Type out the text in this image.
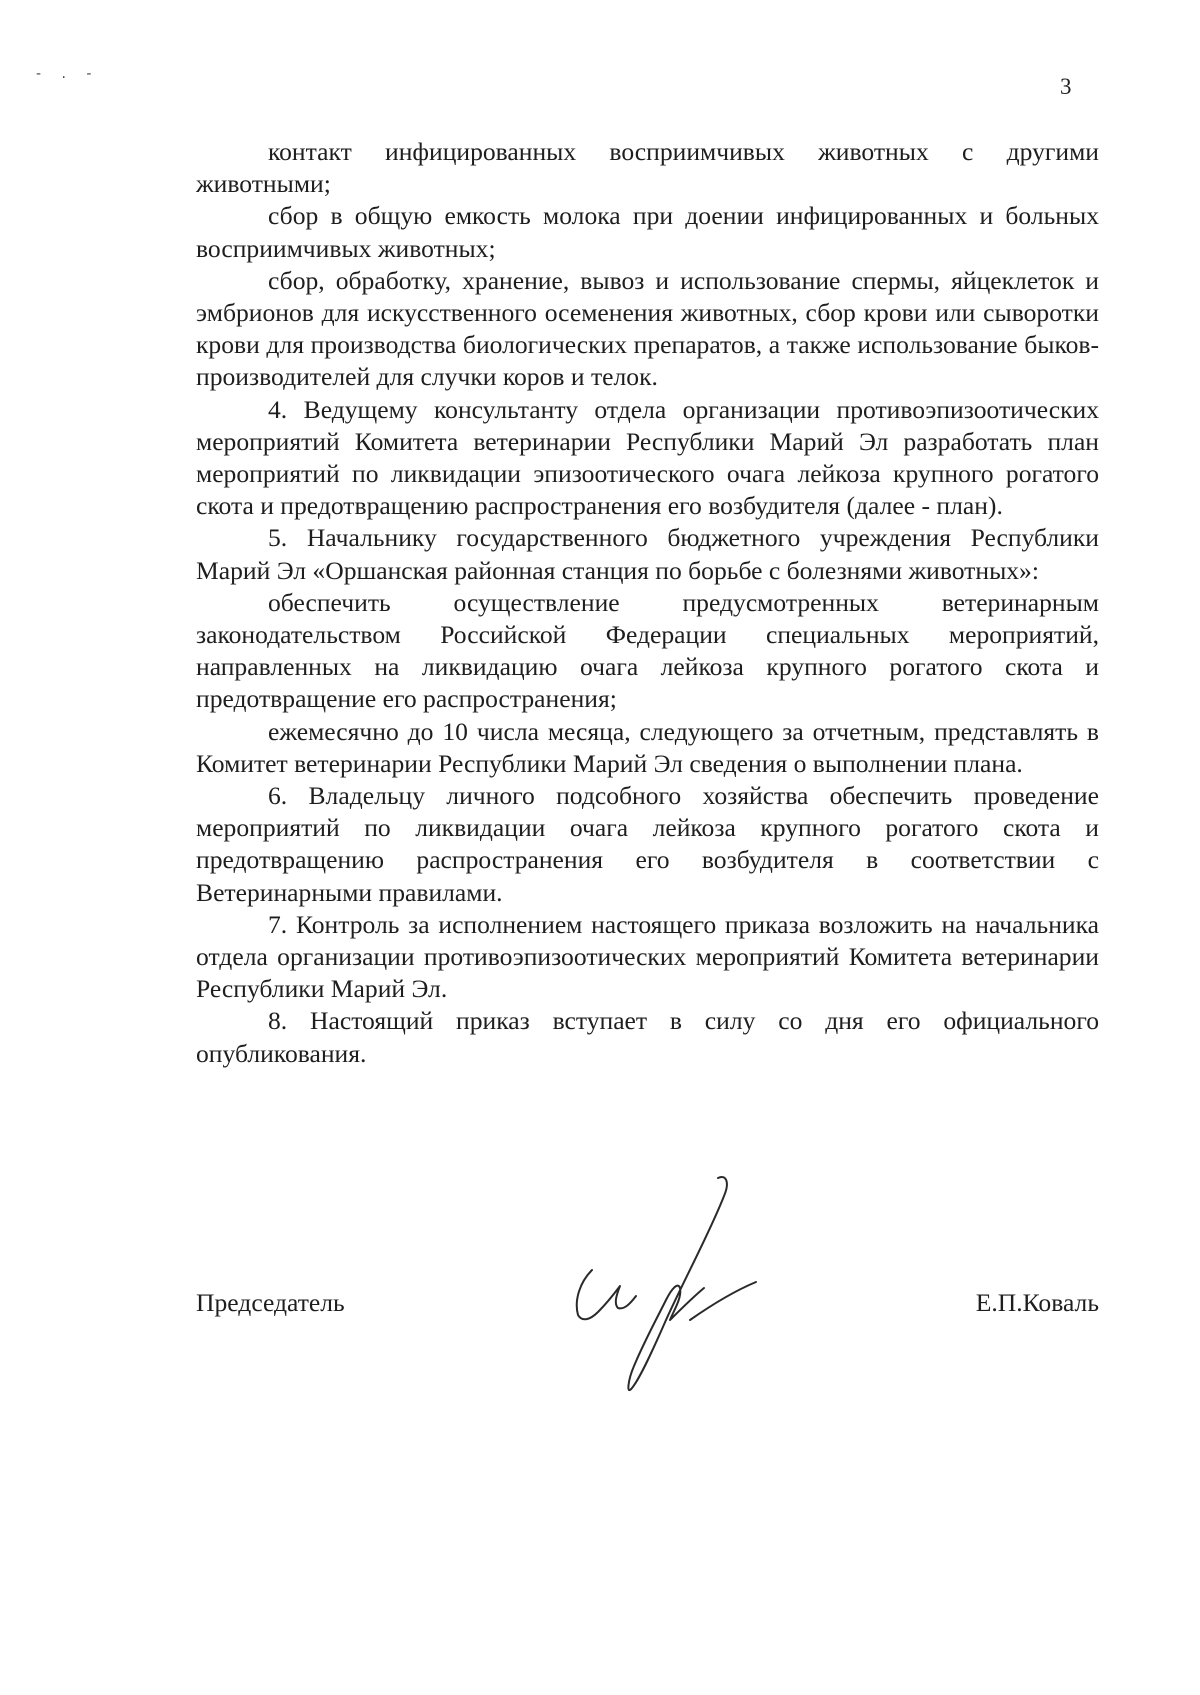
- . -	3

контакт инфицированных восприимчивых животных с другими животными;

сбор в общую емкость молока при доении инфицированных и больных восприимчивых животных;

сбор, обработку, хранение, вывоз и использование спермы, яйцеклеток и эмбрионов для искусственного осеменения животных, сбор крови или сыворотки крови для производства биологических препаратов, а также использование быков-производителей для случки коров и телок.

4. Ведущему консультанту отдела организации противоэпизоотических мероприятий Комитета ветеринарии Республики Марий Эл разработать план мероприятий по ликвидации эпизоотического очага лейкоза крупного рогатого скота и предотвращению распространения его возбудителя (далее - план).

5. Начальнику государственного бюджетного учреждения Республики Марий Эл «Оршанская районная станция по борьбе с болезнями животных»:

обеспечить осуществление предусмотренных ветеринарным законодательством Российской Федерации специальных мероприятий, направленных на ликвидацию очага лейкоза крупного рогатого скота и предотвращение его распространения;

ежемесячно до 10 числа месяца, следующего за отчетным, представлять в Комитет ветеринарии Республики Марий Эл сведения о выполнении плана.

6. Владельцу личного подсобного хозяйства обеспечить проведение мероприятий по ликвидации очага лейкоза крупного рогатого скота и предотвращению распространения его возбудителя в соответствии с Ветеринарными правилами.

7. Контроль за исполнением настоящего приказа возложить на начальника отдела организации противоэпизоотических мероприятий Комитета ветеринарии Республики Марий Эл.

8. Настоящий приказ вступает в силу со дня его официального опубликования.

Председатель	Е.П.Коваль
